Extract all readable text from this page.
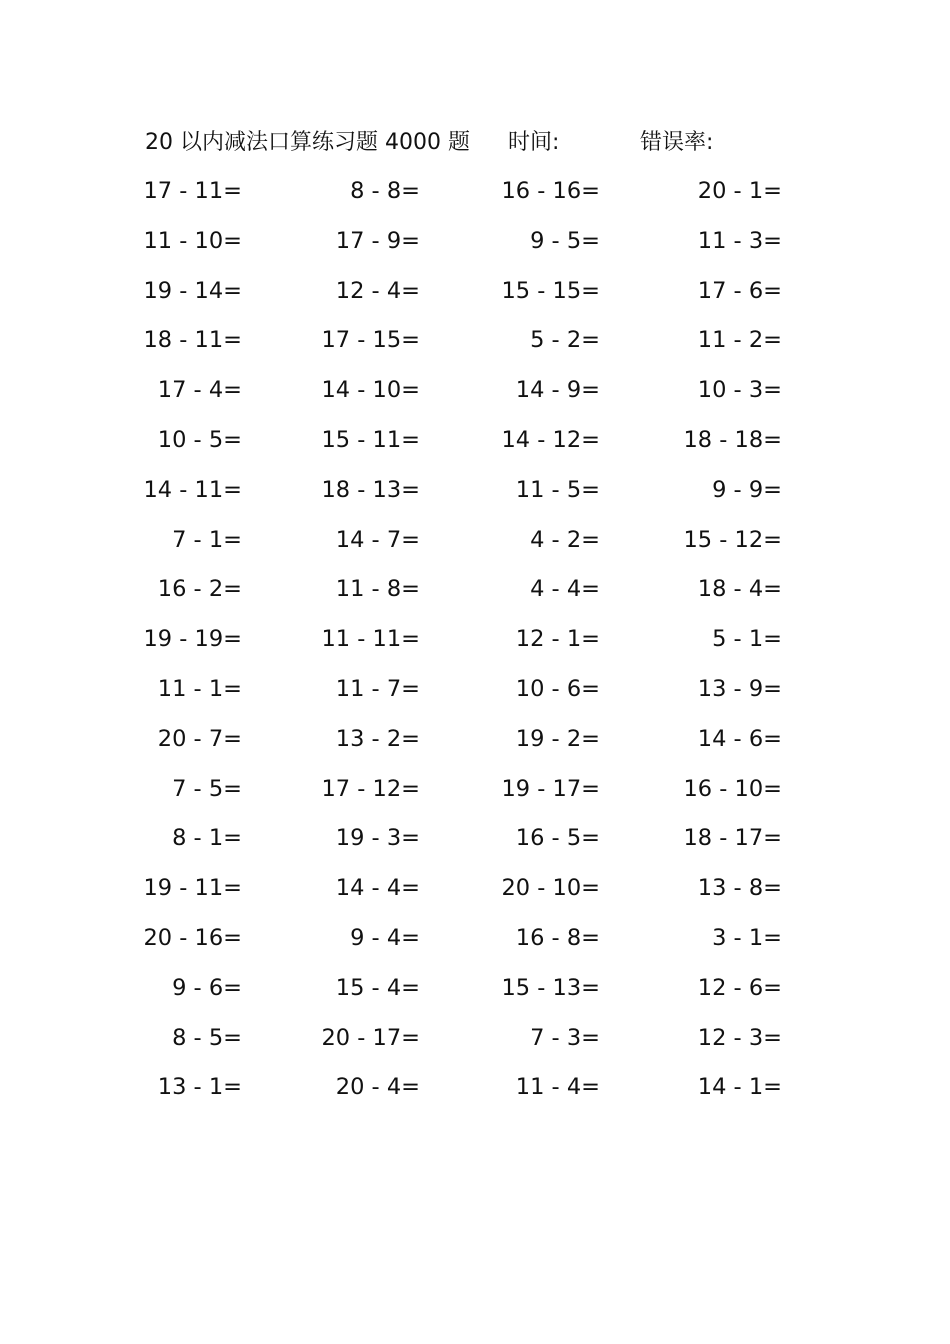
20 以内减法口算练习题 4000 题 时间:	错误率:
17 - 11=	8 - 8=	16 - 16=	20 - 1=
11 - 10=	17 - 9=	9 - 5=	11 - 3=
19 - 14=	12 - 4=	15 - 15=	17 - 6=
18 - 11=	17 - 15=	5 - 2=	11 - 2=
17 - 4=	14 - 10=	14 - 9=	10 - 3=
10 - 5=	15 - 11=	14 - 12=	18 - 18=
14 - 11=	18 - 13=	11 - 5=	9 - 9=
7 - 1=	14 - 7=	4 - 2=	15 - 12=
16 - 2=	11 - 8=	4 - 4=	18 - 4=
19 - 19=	11 - 11=	12 - 1=	5 - 1=
11 - 1=	11 - 7=	10 - 6=	13 - 9=
20 - 7=	13 - 2=	19 - 2=	14 - 6=
7 - 5=	17 - 12=	19 - 17=	16 - 10=
8 - 1=	19 - 3=	16 - 5=	18 - 17=
19 - 11=	14 - 4=	20 - 10=	13 - 8=
20 - 16=	9 - 4=	16 - 8=	3 - 1=
9 - 6=	15 - 4=	15 - 13=	12 - 6=
8 - 5=	20 - 17=	7 - 3=	12 - 3=
13 - 1=	20 - 4=	11 - 4=	14 - 1=
